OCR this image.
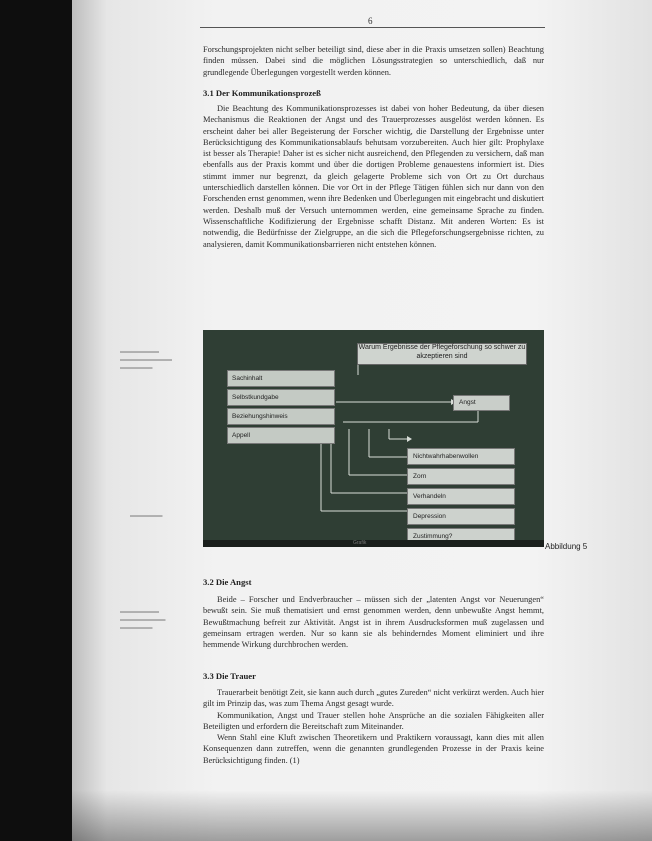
6

Forschungsprojekten nicht selber beteiligt sind, diese aber in die Praxis umsetzen sollen) Beachtung finden müssen. Dabei sind die möglichen Lösungsstrategien so unterschiedlich, daß nur grundlegende Überlegungen vorgestellt werden können.

3.1 Der Kommunikationsprozeß

Die Beachtung des Kommunikationsprozesses ist dabei von hoher Bedeutung, da über diesen Mechanismus die Reaktionen der Angst und des Trauerprozesses ausgelöst werden können. Es erscheint daher bei aller Begeisterung der Forscher wichtig, die Darstellung der Ergebnisse unter Berücksichtigung des Kommunikationsablaufs behutsam vorzubereiten. Auch hier gilt: Prophylaxe ist besser als Therapie! Daher ist es sicher nicht ausreichend, den Pflegenden zu versichern, daß man ebenfalls aus der Praxis kommt und über die dortigen Probleme genauestens informiert ist. Dies stimmt immer nur begrenzt, da gleich gelagerte Probleme sich von Ort zu Ort durchaus unterschiedlich darstellen können. Die vor Ort in der Pflege Tätigen fühlen sich nur dann von den Forschenden ernst genommen, wenn ihre Bedenken und Überlegungen mit eingebracht und diskutiert werden. Deshalb muß der Versuch unternommen werden, eine gemeinsame Sprache zu finden. Wissenschaftliche Kodifizierung der Ergebnisse schafft Distanz. Mit anderen Worten: Es ist notwendig, die Bedürfnisse der Zielgruppe, an die sich die Pflegeforschungsergebnisse richten, zu analysieren, damit Kommunikationsbarrieren nicht entstehen können.

▬▬▬▬▬▬
▬▬▬▬▬▬▬▬
▬▬▬▬▬
▬▬▬▬▬
▬▬▬▬▬▬
▬▬▬▬▬▬▬
▬▬▬▬▬
Warum Ergebnisse der Pflegeforschung so schwer zu akzeptieren sind
Sachinhalt
Selbstkundgabe
Beziehungshinweis
Appell
Angst
Nichtwahrhabenwollen
Zorn
Verhandeln
Depression
Zustimmung?
Grafik	Abbildung 5
3.2 Die Angst

Beide – Forscher und Endverbraucher – müssen sich der „latenten Angst vor Neuerungen“ bewußt sein. Sie muß thematisiert und ernst genommen werden, denn unbewußte Angst hemmt, Bewußtmachung befreit zur Aktivität. Angst ist in ihrem Ausdrucksformen muß zugelassen und gemeinsam ertragen werden. Nur so kann sie als behinderndes Moment eliminiert und ihre hemmende Wirkung durchbrochen werden.

3.3 Die Trauer

Trauerarbeit benötigt Zeit, sie kann auch durch „gutes Zureden“ nicht verkürzt werden. Auch hier gilt im Prinzip das, was zum Thema Angst gesagt wurde.

Kommunikation, Angst und Trauer stellen hohe Ansprüche an die sozialen Fähigkeiten aller Beteiligten und erfordern die Bereitschaft zum Miteinander.

Wenn Stahl eine Kluft zwischen Theoretikern und Praktikern voraussagt, kann dies mit allen Konsequenzen dann zutreffen, wenn die genannten grundlegenden Prozesse in der Praxis keine Berücksichtigung finden. (1)
